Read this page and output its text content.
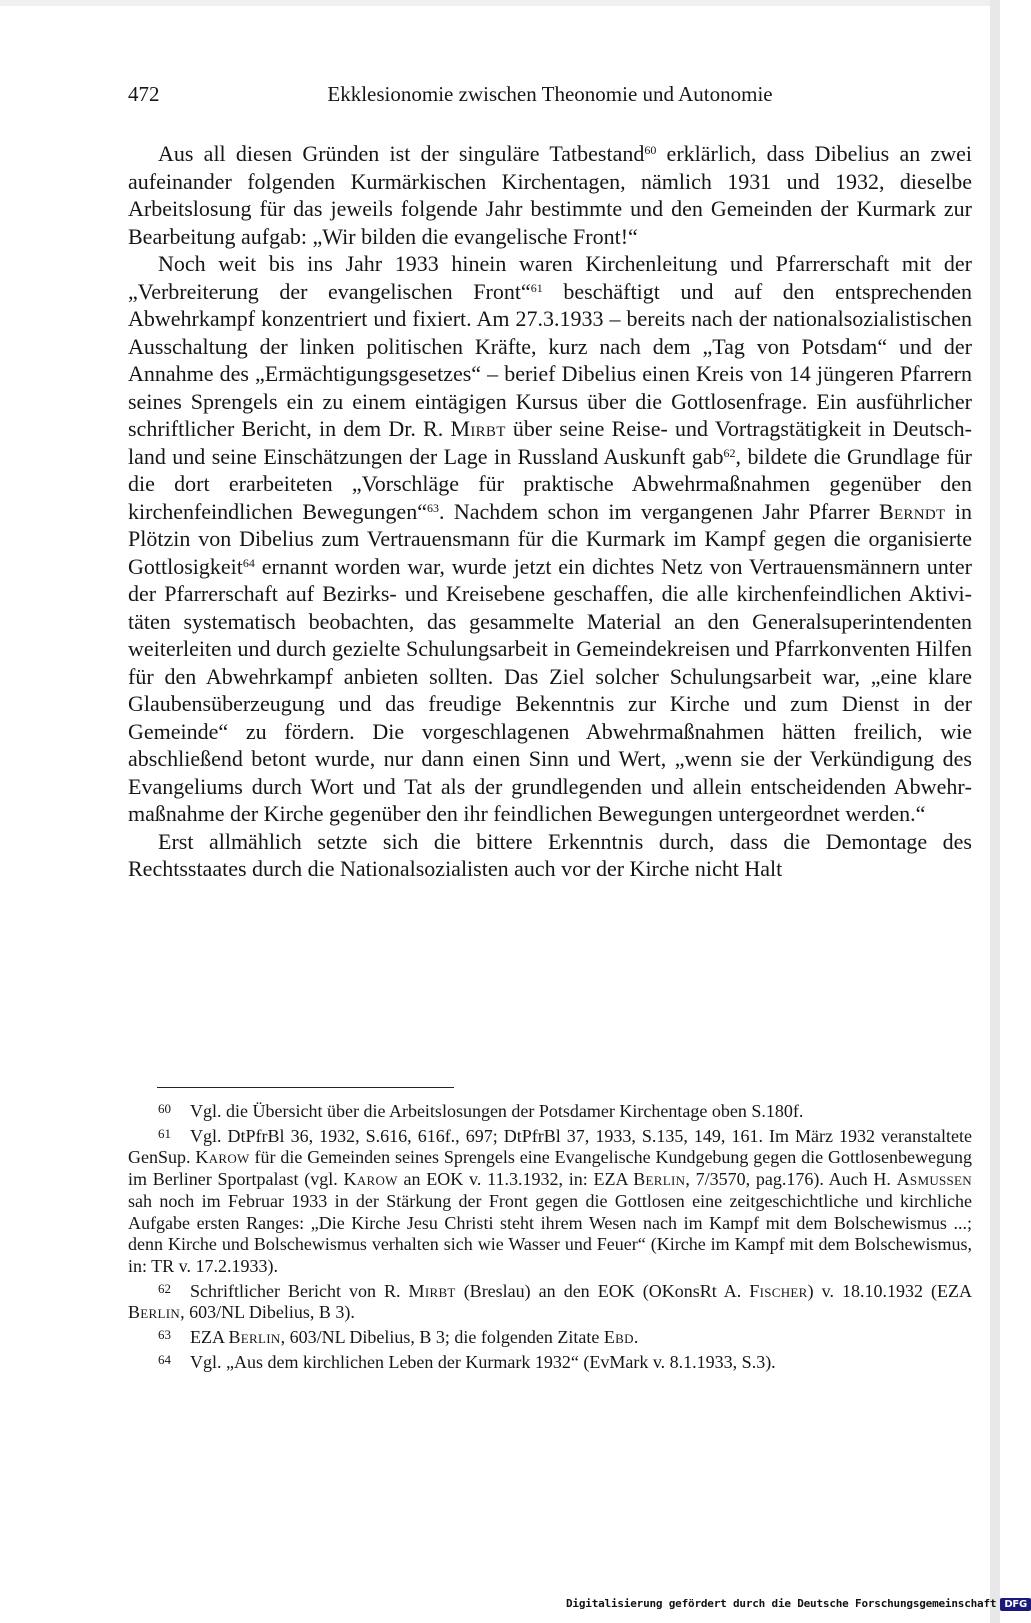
472	Ekklesionomie zwischen Theonomie und Autonomie

Aus all diesen Gründen ist der singuläre Tatbestand$^{60}$ erklärlich, dass Dibelius an zwei aufeinander folgenden Kurmärkischen Kirchentagen, nämlich 1931 und 1932, dieselbe Arbeitslosung für das jeweils folgende Jahr bestimmte und den Gemeinden der Kurmark zur Bearbeitung aufgab: „Wir bilden die evangelische Front!“

Noch weit bis ins Jahr 1933 hinein waren Kirchenleitung und Pfarrerschaft mit der „Verbreiterung der evangelischen Front“$^{61}$ beschäftigt und auf den entsprechenden Abwehrkampf konzentriert und fixiert. Am 27.3.1933 – bereits nach der nationalsozialistischen Ausschaltung der linken politischen Kräfte, kurz nach dem „Tag von Potsdam“ und der Annahme des „Ermächtigungsgesetzes“ – berief Dibelius einen Kreis von 14 jüngeren Pfarrern seines Sprengels ein zu einem eintägigen Kursus über die Gottlosenfrage. Ein ausführlicher schriftlicher Bericht, in dem Dr. R. Mirbt über seine Reise- und Vortragstätigkeit in Deutschland und seine Einschätzungen der Lage in Russland Auskunft gab$^{62}$, bildete die Grundlage für die dort erarbeiteten „Vorschläge für praktische Abwehrmaßnahmen gegenüber den kirchenfeindlichen Bewegungen“$^{63}$. Nachdem schon im vergangenen Jahr Pfarrer Berndt in Plötzin von Dibelius zum Vertrauensmann für die Kurmark im Kampf gegen die organisierte Gottlosigkeit$^{64}$ ernannt worden war, wurde jetzt ein dichtes Netz von Vertrauensmännern unter der Pfarrerschaft auf Bezirks- und Kreisebene geschaffen, die alle kirchenfeindlichen Aktivitäten systematisch beobachten, das gesammelte Material an den Generalsuperintendenten weiterleiten und durch gezielte Schulungsarbeit in Gemeindekreisen und Pfarrkonventen Hilfen für den Abwehrkampf anbieten sollten. Das Ziel solcher Schulungsarbeit war, „eine klare Glaubensüberzeugung und das freudige Bekenntnis zur Kirche und zum Dienst in der Gemeinde“ zu fördern. Die vorgeschlagenen Abwehrmaßnahmen hätten freilich, wie abschließend betont wurde, nur dann einen Sinn und Wert, „wenn sie der Verkündigung des Evangeliums durch Wort und Tat als der grundlegenden und allein entscheidenden Abwehrmaßnahme der Kirche gegenüber den ihr feindlichen Bewegungen untergeordnet werden.“

Erst allmählich setzte sich die bittere Erkenntnis durch, dass die Demontage des Rechtsstaates durch die Nationalsozialisten auch vor der Kirche nicht Halt

60 Vgl. die Übersicht über die Arbeitslosungen der Potsdamer Kirchentage oben S.180f.

61 Vgl. DtPfrBl 36, 1932, S.616, 616f., 697; DtPfrBl 37, 1933, S.135, 149, 161. Im März 1932 veranstaltete GenSup. Karow für die Gemeinden seines Sprengels eine Evangelische Kundgebung gegen die Gottlosenbewegung im Berliner Sportpalast (vgl. Karow an EOK v. 11.3.1932, in: EZA Berlin, 7/3570, pag.176). Auch H. Asmussen sah noch im Februar 1933 in der Stärkung der Front gegen die Gottlosen eine zeitgeschichtliche und kirchliche Aufgabe ersten Ranges: „Die Kirche Jesu Christi steht ihrem Wesen nach im Kampf mit dem Bolschewismus ...; denn Kirche und Bolschewismus verhalten sich wie Wasser und Feuer“ (Kirche im Kampf mit dem Bolschewismus, in: TR v. 17.2.1933).

62 Schriftlicher Bericht von R. Mirbt (Breslau) an den EOK (OKonsRt A. Fischer) v. 18.10.1932 (EZA Berlin, 603/NL Dibelius, B 3).

63 EZA Berlin, 603/NL Dibelius, B 3; die folgenden Zitate Ebd.

64 Vgl. „Aus dem kirchlichen Leben der Kurmark 1932“ (EvMark v. 8.1.1933, S.3).

Digitalisierung gefördert durch die Deutsche Forschungsgemeinschaft DFG
